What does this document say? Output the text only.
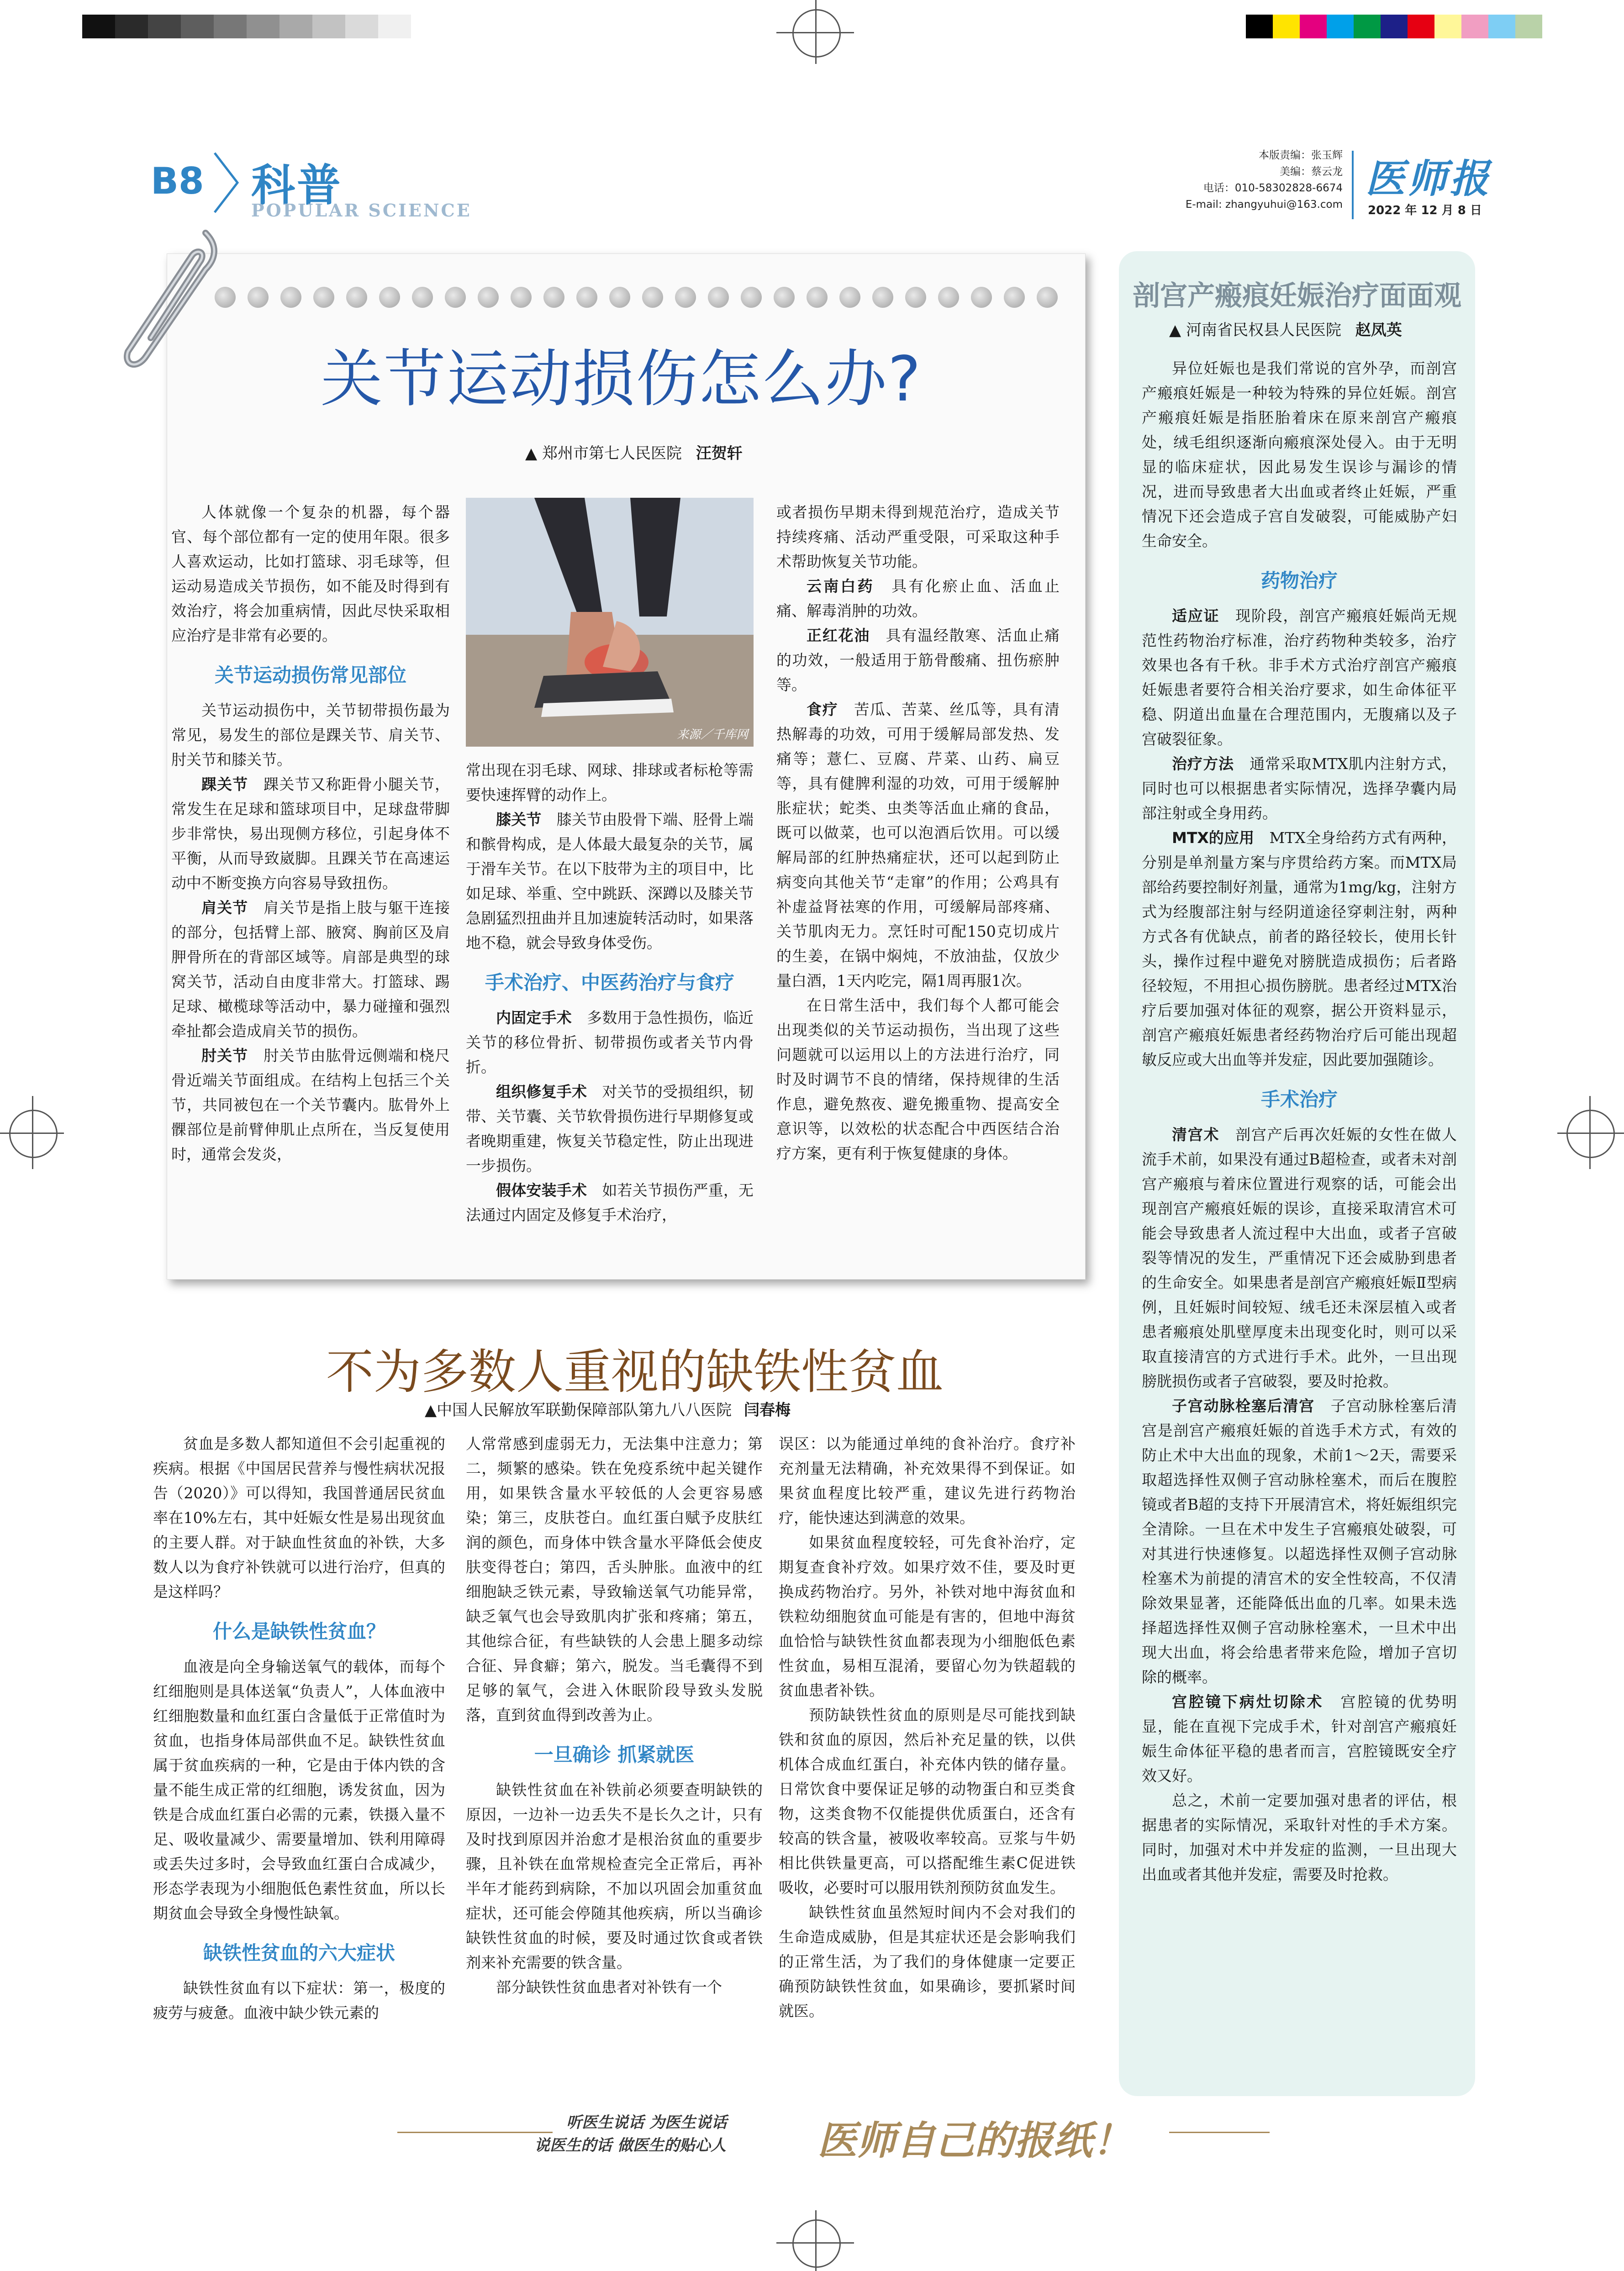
B8 科普
POPULAR SCIENCE
本版责编：张玉辉
美编：蔡云龙
电话：010-58302828-6674
E-mail: zhangyuhui@163.com
医师报
2022 年 12 月 8 日
关节运动损伤怎么办?
▲ 郑州市第七人民医院 汪贺轩
来源／千库网

人体就像一个复杂的机器，每个器官、每个部位都有一定的使用年限。很多人喜欢运动，比如打篮球、羽毛球等，但运动易造成关节损伤，如不能及时得到有效治疗，将会加重病情，因此尽快采取相应治疗是非常有必要的。

关节运动损伤常见部位

关节运动损伤中，关节韧带损伤最为常见，易发生的部位是踝关节、肩关节、肘关节和膝关节。

踝关节　 踝关节又称距骨小腿关节，常发生在足球和篮球项目中，足球盘带脚步非常快，易出现侧方移位，引起身体不平衡，从而导致崴脚。且踝关节在高速运动中不断变换方向容易导致扭伤。

肩关节　 肩关节是指上肢与躯干连接的部分，包括臂上部、腋窝、胸前区及肩胛骨所在的背部区域等。肩部是典型的球窝关节，活动自由度非常大。打篮球、踢足球、橄榄球等活动中，暴力碰撞和强烈牵扯都会造成肩关节的损伤。

肘关节　 肘关节由肱骨远侧端和桡尺骨近端关节面组成。在结构上包括三个关节，共同被包在一个关节囊内。肱骨外上髁部位是前臂伸肌止点所在，当反复使用时，通常会发炎，

常出现在羽毛球、网球、排球或者标枪等需要快速挥臂的动作上。

膝关节　 膝关节由股骨下端、胫骨上端和髌骨构成，是人体最大最复杂的关节，属于滑车关节。在以下肢带为主的项目中，比如足球、举重、空中跳跃、深蹲以及膝关节急剧猛烈扭曲并且加速旋转活动时，如果落地不稳，就会导致身体受伤。

手术治疗、中医药治疗与食疗

内固定手术　 多数用于急性损伤，临近关节的移位骨折、韧带损伤或者关节内骨折。

组织修复手术　 对关节的受损组织，韧带、关节囊、关节软骨损伤进行早期修复或者晚期重建，恢复关节稳定性，防止出现进一步损伤。

假体安装手术　 如若关节损伤严重，无法通过内固定及修复手术治疗，

或者损伤早期未得到规范治疗，造成关节持续疼痛、活动严重受限，可采取这种手术帮助恢复关节功能。

云南白药　 具有化瘀止血、活血止痛、解毒消肿的功效。

正红花油　 具有温经散寒、活血止痛的功效，一般适用于筋骨酸痛、扭伤瘀肿等。

食疗　 苦瓜、苦菜、丝瓜等，具有清热解毒的功效，可用于缓解局部发热、发痛等；薏仁、豆腐、芹菜、山药、扁豆等，具有健脾利湿的功效，可用于缓解肿胀症状；蛇类、虫类等活血止痛的食品，既可以做菜，也可以泡酒后饮用。可以缓解局部的红肿热痛症状，还可以起到防止病变向其他关节“走窜”的作用；公鸡具有补虚益肾祛寒的作用，可缓解局部疼痛、关节肌肉无力。烹饪时可配150克切成片的生姜，在锅中焖炖，不放油盐，仅放少量白酒，1天内吃完，隔1周再服1次。

在日常生活中，我们每个人都可能会出现类似的关节运动损伤，当出现了这些问题就可以运用以上的方法进行治疗，同时及时调节不良的情绪，保持规律的生活作息，避免熬夜、避免搬重物、提高安全意识等，以效松的状态配合中西医结合治疗方案，更有利于恢复健康的身体。

不为多数人重视的缺铁性贫血
▲中国人民解放军联勤保障部队第九八八医院 闫春梅

贫血是多数人都知道但不会引起重视的疾病。根据《中国居民营养与慢性病状况报告（2020）》可以得知，我国普通居民贫血率在10%左右，其中妊娠女性是易出现贫血的主要人群。对于缺血性贫血的补铁，大多数人以为食疗补铁就可以进行治疗，但真的是这样吗？

什么是缺铁性贫血？

血液是向全身输送氧气的载体，而每个红细胞则是具体送氧“负责人”，人体血液中红细胞数量和血红蛋白含量低于正常值时为贫血，也指身体局部供血不足。缺铁性贫血属于贫血疾病的一种，它是由于体内铁的含量不能生成正常的红细胞，诱发贫血，因为铁是合成血红蛋白必需的元素，铁摄入量不足、吸收量减少、需要量增加、铁利用障碍或丢失过多时，会导致血红蛋白合成减少，形态学表现为小细胞低色素性贫血，所以长期贫血会导致全身慢性缺氧。

缺铁性贫血的六大症状

缺铁性贫血有以下症状：第一，极度的疲劳与疲惫。血液中缺少铁元素的

人常常感到虚弱无力，无法集中注意力；第二，频繁的感染。铁在免疫系统中起关键作用，如果铁含量水平较低的人会更容易感染；第三，皮肤苍白。血红蛋白赋予皮肤红润的颜色，而身体中铁含量水平降低会使皮肤变得苍白；第四，舌头肿胀。血液中的红细胞缺乏铁元素，导致输送氧气功能异常，缺乏氧气也会导致肌肉扩张和疼痛；第五，其他综合征，有些缺铁的人会患上腿多动综合征、异食癖；第六，脱发。当毛囊得不到足够的氧气，会进入休眠阶段导致头发脱落，直到贫血得到改善为止。

一旦确诊 抓紧就医

缺铁性贫血在补铁前必须要查明缺铁的原因，一边补一边丢失不是长久之计，只有及时找到原因并治愈才是根治贫血的重要步骤，且补铁在血常规检查完全正常后，再补半年才能药到病除，不加以巩固会加重贫血症状，还可能会停随其他疾病，所以当确诊缺铁性贫血的时候，要及时通过饮食或者铁剂来补充需要的铁含量。

部分缺铁性贫血患者对补铁有一个

误区：以为能通过单纯的食补治疗。食疗补充剂量无法精确，补充效果得不到保证。如果贫血程度比较严重，建议先进行药物治疗，能快速达到满意的效果。

如果贫血程度较轻，可先食补治疗，定期复查食补疗效。如果疗效不佳，要及时更换成药物治疗。另外，补铁对地中海贫血和铁粒幼细胞贫血可能是有害的，但地中海贫血恰恰与缺铁性贫血都表现为小细胞低色素性贫血，易相互混淆，要留心勿为铁超载的贫血患者补铁。

预防缺铁性贫血的原则是尽可能找到缺铁和贫血的原因，然后补充足量的铁，以供机体合成血红蛋白，补充体内铁的储存量。日常饮食中要保证足够的动物蛋白和豆类食物，这类食物不仅能提供优质蛋白，还含有较高的铁含量，被吸收率较高。豆浆与牛奶相比供铁量更高，可以搭配维生素C促进铁吸收，必要时可以服用铁剂预防贫血发生。

缺铁性贫血虽然短时间内不会对我们的生命造成威胁，但是其症状还是会影响我们的正常生活，为了我们的身体健康一定要正确预防缺铁性贫血，如果确诊，要抓紧时间就医。

剖宫产瘢痕妊娠治疗面面观
▲ 河南省民权县人民医院 赵凤英

异位妊娠也是我们常说的宫外孕，而剖宫产瘢痕妊娠是一种较为特殊的异位妊娠。剖宫产瘢痕妊娠是指胚胎着床在原来剖宫产瘢痕处，绒毛组织逐渐向瘢痕深处侵入。由于无明显的临床症状，因此易发生误诊与漏诊的情况，进而导致患者大出血或者终止妊娠，严重情况下还会造成子宫自发破裂，可能威胁产妇生命安全。

药物治疗

适应证　 现阶段，剖宫产瘢痕妊娠尚无规范性药物治疗标准，治疗药物种类较多，治疗效果也各有千秋。非手术方式治疗剖宫产瘢痕妊娠患者要符合相关治疗要求，如生命体征平稳、阴道出血量在合理范围内，无腹痛以及子宫破裂征象。

治疗方法　 通常采取MTX肌内注射方式，同时也可以根据患者实际情况，选择孕囊内局部注射或全身用药。

MTX的应用　 MTX全身给药方式有两种，分别是单剂量方案与序贯给药方案。而MTX局部给药要控制好剂量，通常为1mg/kg，注射方式为经腹部注射与经阴道途径穿刺注射，两种方式各有优缺点，前者的路径较长，使用长针头，操作过程中避免对膀胱造成损伤；后者路径较短，不用担心损伤膀胱。患者经过MTX治疗后要加强对体征的观察，据公开资料显示，剖宫产瘢痕妊娠患者经药物治疗后可能出现超敏反应或大出血等并发症，因此要加强随诊。

手术治疗

清宫术　 剖宫产后再次妊娠的女性在做人流手术前，如果没有通过B超检查，或者未对剖宫产瘢痕与着床位置进行观察的话，可能会出现剖宫产瘢痕妊娠的误诊，直接采取清宫术可能会导致患者人流过程中大出血，或者子宫破裂等情况的发生，严重情况下还会威胁到患者的生命安全。如果患者是剖宫产瘢痕妊娠Ⅱ型病例，且妊娠时间较短、绒毛还未深层植入或者患者瘢痕处肌壁厚度未出现变化时，则可以采取直接清宫的方式进行手术。此外，一旦出现膀胱损伤或者子宫破裂，要及时抢救。

子宫动脉栓塞后清宫　 子宫动脉栓塞后清宫是剖宫产瘢痕妊娠的首选手术方式，有效的防止术中大出血的现象，术前1～2天，需要采取超选择性双侧子宫动脉栓塞术，而后在腹腔镜或者B超的支持下开展清宫术，将妊娠组织完全清除。一旦在术中发生子宫瘢痕处破裂，可对其进行快速修复。以超选择性双侧子宫动脉栓塞术为前提的清宫术的安全性较高，不仅清除效果显著，还能降低出血的几率。如果未选择超选择性双侧子宫动脉栓塞术，一旦术中出现大出血，将会给患者带来危险，增加子宫切除的概率。

宫腔镜下病灶切除术　 宫腔镜的优势明显，能在直视下完成手术，针对剖宫产瘢痕妊娠生命体征平稳的患者而言，宫腔镜既安全疗效又好。

总之，术前一定要加强对患者的评估，根据患者的实际情况，采取针对性的手术方案。同时，加强对术中并发症的监测，一旦出现大出血或者其他并发症，需要及时抢救。

听医生说话 为医生说话
说医生的话 做医生的贴心人 医师自己的报纸！
